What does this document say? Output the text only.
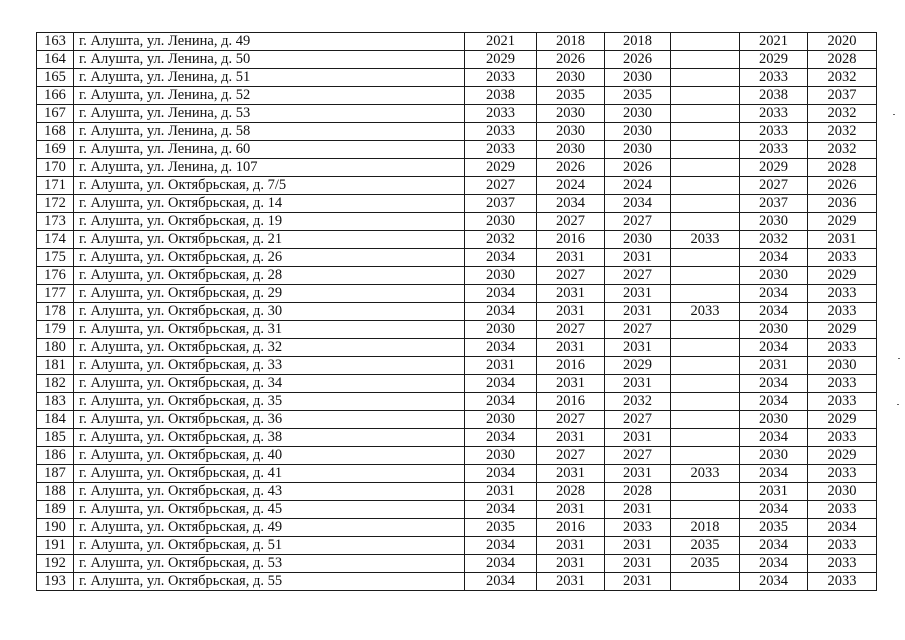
163	г. Алушта, ул. Ленина, д. 49	2021	2018	2018		2021	2020
164	г. Алушта, ул. Ленина, д. 50	2029	2026	2026		2029	2028
165	г. Алушта, ул. Ленина, д. 51	2033	2030	2030		2033	2032
166	г. Алушта, ул. Ленина, д. 52	2038	2035	2035		2038	2037
167	г. Алушта, ул. Ленина, д. 53	2033	2030	2030		2033	2032
168	г. Алушта, ул. Ленина, д. 58	2033	2030	2030		2033	2032
169	г. Алушта, ул. Ленина, д. 60	2033	2030	2030		2033	2032
170	г. Алушта, ул. Ленина, д. 107	2029	2026	2026		2029	2028
171	г. Алушта, ул. Октябрьская, д. 7/5	2027	2024	2024		2027	2026
172	г. Алушта, ул. Октябрьская, д. 14	2037	2034	2034		2037	2036
173	г. Алушта, ул. Октябрьская, д. 19	2030	2027	2027		2030	2029
174	г. Алушта, ул. Октябрьская, д. 21	2032	2016	2030	2033	2032	2031
175	г. Алушта, ул. Октябрьская, д. 26	2034	2031	2031		2034	2033
176	г. Алушта, ул. Октябрьская, д. 28	2030	2027	2027		2030	2029
177	г. Алушта, ул. Октябрьская, д. 29	2034	2031	2031		2034	2033
178	г. Алушта, ул. Октябрьская, д. 30	2034	2031	2031	2033	2034	2033
179	г. Алушта, ул. Октябрьская, д. 31	2030	2027	2027		2030	2029
180	г. Алушта, ул. Октябрьская, д. 32	2034	2031	2031		2034	2033
181	г. Алушта, ул. Октябрьская, д. 33	2031	2016	2029		2031	2030
182	г. Алушта, ул. Октябрьская, д. 34	2034	2031	2031		2034	2033
183	г. Алушта, ул. Октябрьская, д. 35	2034	2016	2032		2034	2033
184	г. Алушта, ул. Октябрьская, д. 36	2030	2027	2027		2030	2029
185	г. Алушта, ул. Октябрьская, д. 38	2034	2031	2031		2034	2033
186	г. Алушта, ул. Октябрьская, д. 40	2030	2027	2027		2030	2029
187	г. Алушта, ул. Октябрьская, д. 41	2034	2031	2031	2033	2034	2033
188	г. Алушта, ул. Октябрьская, д. 43	2031	2028	2028		2031	2030
189	г. Алушта, ул. Октябрьская, д. 45	2034	2031	2031		2034	2033
190	г. Алушта, ул. Октябрьская, д. 49	2035	2016	2033	2018	2035	2034
191	г. Алушта, ул. Октябрьская, д. 51	2034	2031	2031	2035	2034	2033
192	г. Алушта, ул. Октябрьская, д. 53	2034	2031	2031	2035	2034	2033
193	г. Алушта, ул. Октябрьская, д. 55	2034	2031	2031		2034	2033
